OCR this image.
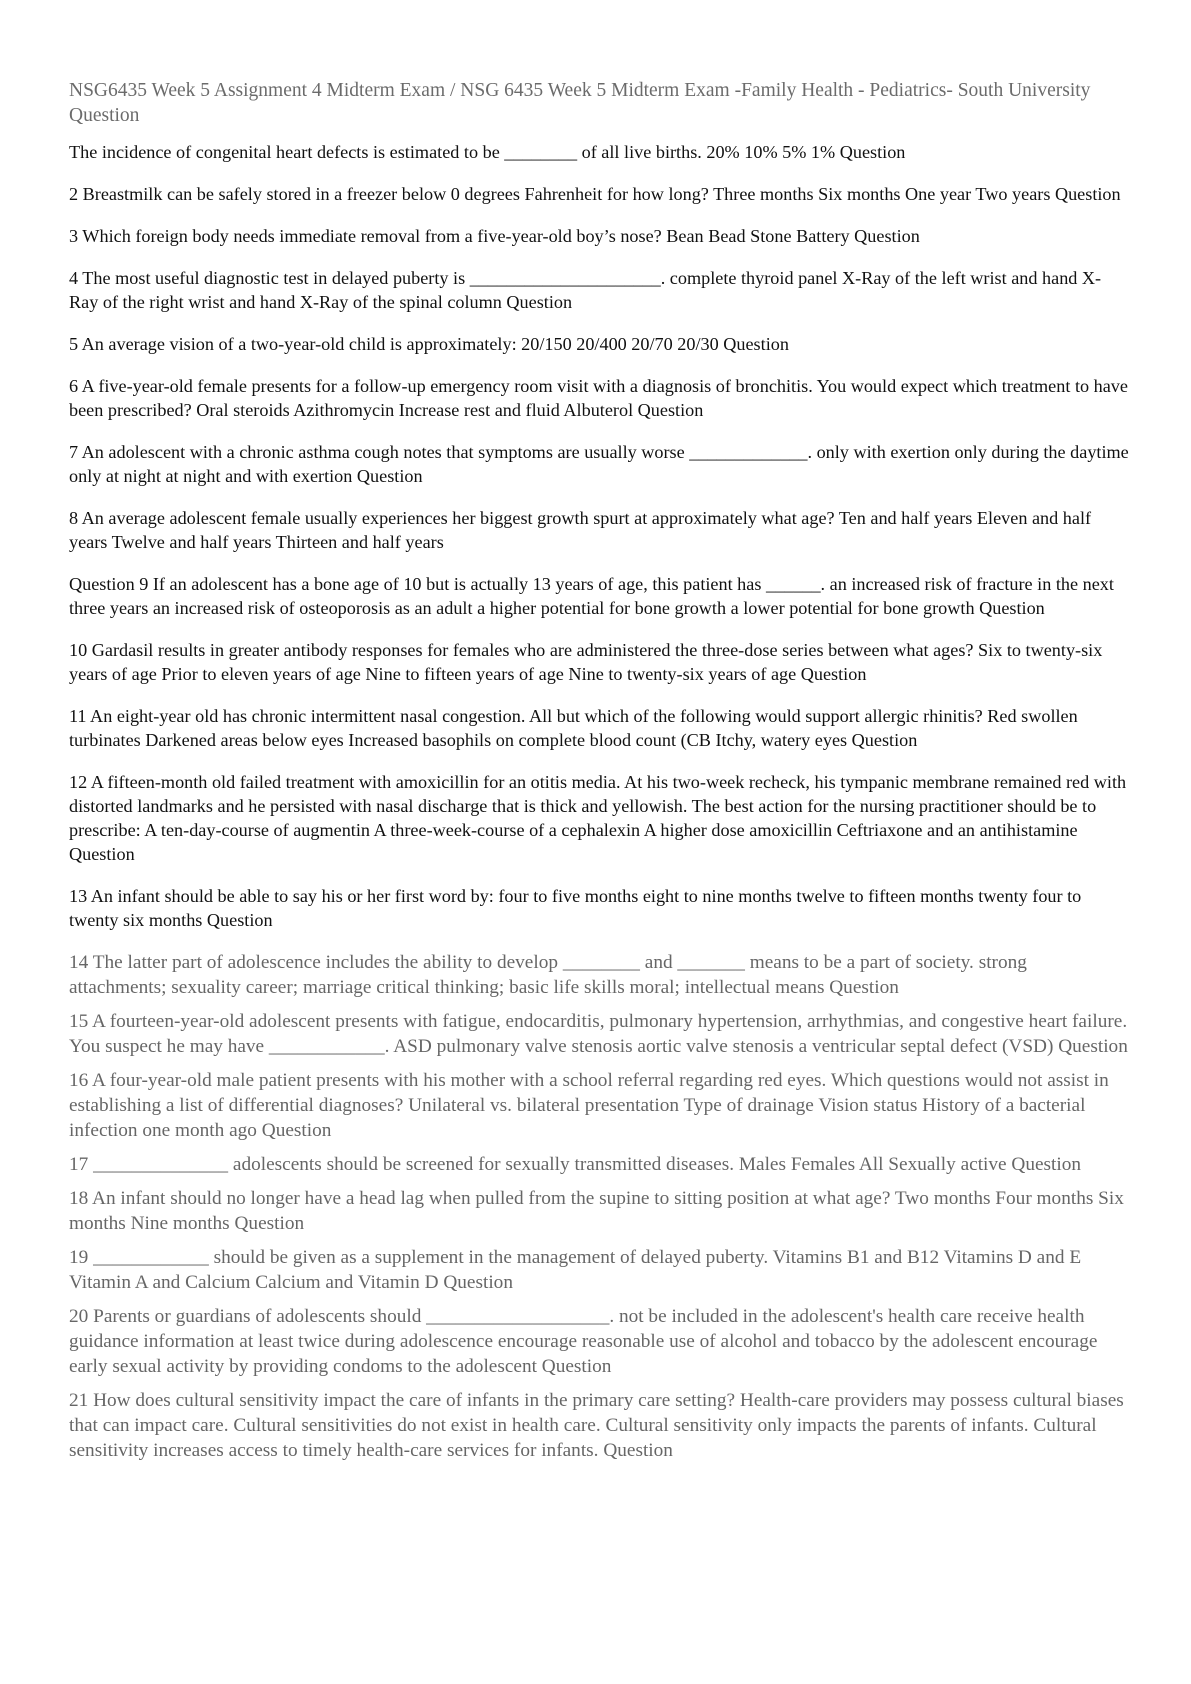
NSG6435 Week 5 Assignment 4 Midterm Exam / NSG 6435 Week 5 Midterm Exam -Family Health - Pediatrics- South University Question

The incidence of congenital heart defects is estimated to be ________ of all live births. 20% 10% 5% 1% Question

2 Breastmilk can be safely stored in a freezer below 0 degrees Fahrenheit for how long? Three months Six months One year Two years Question

3 Which foreign body needs immediate removal from a five-year-old boy’s nose? Bean Bead Stone Battery Question

4 The most useful diagnostic test in delayed puberty is _____________________. complete thyroid panel X-Ray of the left wrist and hand X-Ray of the right wrist and hand X-Ray of the spinal column Question

5 An average vision of a two-year-old child is approximately: 20/150 20/400 20/70 20/30 Question

6 A five-year-old female presents for a follow-up emergency room visit with a diagnosis of bronchitis. You would expect which treatment to have been prescribed? Oral steroids Azithromycin Increase rest and fluid Albuterol Question

7 An adolescent with a chronic asthma cough notes that symptoms are usually worse _____________. only with exertion only during the daytime only at night at night and with exertion Question

8 An average adolescent female usually experiences her biggest growth spurt at approximately what age? Ten and half years Eleven and half years Twelve and half years Thirteen and half years

Question 9 If an adolescent has a bone age of 10 but is actually 13 years of age, this patient has ______. an increased risk of fracture in the next three years an increased risk of osteoporosis as an adult a higher potential for bone growth a lower potential for bone growth Question

10 Gardasil results in greater antibody responses for females who are administered the three-dose series between what ages? Six to twenty-six years of age Prior to eleven years of age Nine to fifteen years of age Nine to twenty-six years of age Question

11 An eight-year old has chronic intermittent nasal congestion. All but which of the following would support allergic rhinitis? Red swollen turbinates Darkened areas below eyes Increased basophils on complete blood count (CB Itchy, watery eyes Question

12 A fifteen-month old failed treatment with amoxicillin for an otitis media. At his two-week recheck, his tympanic membrane remained red with distorted landmarks and he persisted with nasal discharge that is thick and yellowish. The best action for the nursing practitioner should be to prescribe: A ten-day-course of augmentin A three-week-course of a cephalexin A higher dose amoxicillin Ceftriaxone and an antihistamine Question

13 An infant should be able to say his or her first word by: four to five months eight to nine months twelve to fifteen months twenty four to twenty six months Question

14 The latter part of adolescence includes the ability to develop ________ and _______ means to be a part of society. strong attachments; sexuality career; marriage critical thinking; basic life skills moral; intellectual means Question

15 A fourteen-year-old adolescent presents with fatigue, endocarditis, pulmonary hypertension, arrhythmias, and congestive heart failure. You suspect he may have ____________. ASD pulmonary valve stenosis aortic valve stenosis a ventricular septal defect (VSD) Question

16 A four-year-old male patient presents with his mother with a school referral regarding red eyes. Which questions would not assist in establishing a list of differential diagnoses? Unilateral vs. bilateral presentation Type of drainage Vision status History of a bacterial infection one month ago Question

17 ______________ adolescents should be screened for sexually transmitted diseases. Males Females All Sexually active Question

18 An infant should no longer have a head lag when pulled from the supine to sitting position at what age? Two months Four months Six months Nine months Question

19 ____________ should be given as a supplement in the management of delayed puberty. Vitamins B1 and B12 Vitamins D and E Vitamin A and Calcium Calcium and Vitamin D Question

20 Parents or guardians of adolescents should ___________________. not be included in the adolescent's health care receive health guidance information at least twice during adolescence encourage reasonable use of alcohol and tobacco by the adolescent encourage early sexual activity by providing condoms to the adolescent Question

21 How does cultural sensitivity impact the care of infants in the primary care setting? Health-care providers may possess cultural biases that can impact care. Cultural sensitivities do not exist in health care. Cultural sensitivity only impacts the parents of infants. Cultural sensitivity increases access to timely health-care services for infants. Question
